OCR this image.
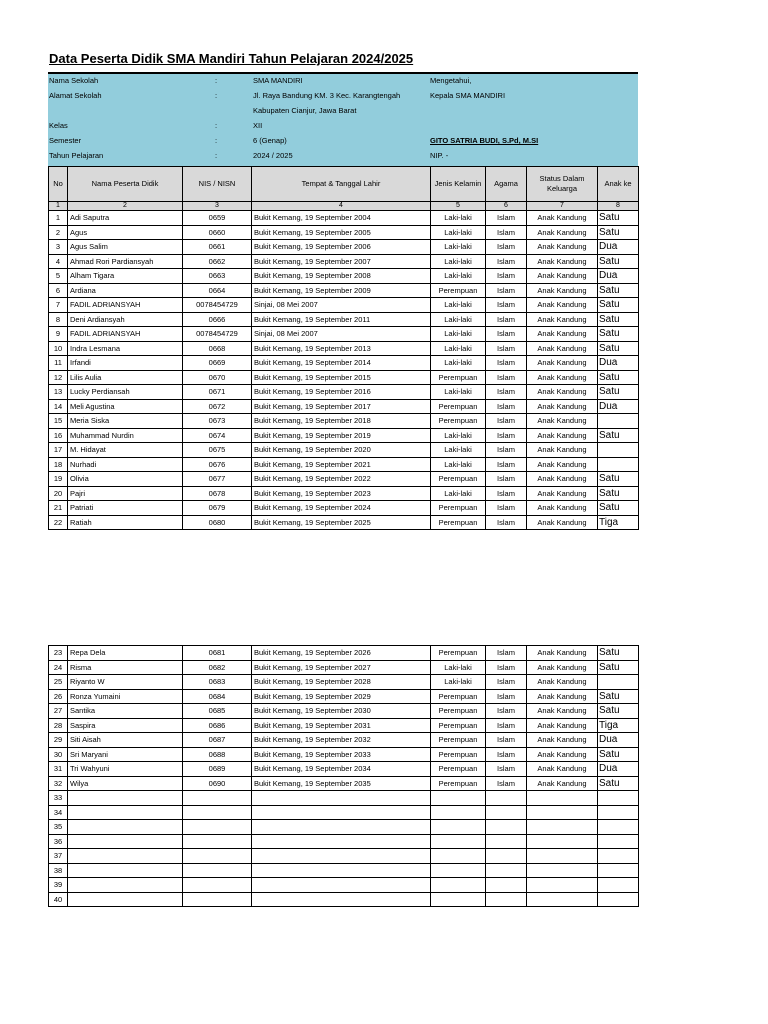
Data Peserta Didik SMA Mandiri Tahun Pelajaran 2024/2025
Nama Sekolah	:	SMA MANDIRI	Mengetahui,
Alamat Sekolah	:	Jl. Raya Bandung KM. 3 Kec. Karangtengah	Kepala SMA MANDIRI
Kabupaten Cianjur, Jawa Barat
Kelas	:	XII
Semester	:	6 (Genap)	GITO SATRIA BUDI, S.Pd, M.SI
Tahun Pelajaran	:	2024 / 2025	NIP. -
No	Nama Peserta Didik	NIS / NISN	Tempat & Tanggal Lahir	Jenis Kelamin	Agama	Status Dalam Keluarga	Anak ke
1	2	3	4	5	6	7	8
1	Adi Saputra	0659	Bukit Kemang, 19 September 2004	Laki-laki	Islam	Anak Kandung	Satu
2	Agus	0660	Bukit Kemang, 19 September 2005	Laki-laki	Islam	Anak Kandung	Satu
3	Agus Salim	0661	Bukit Kemang, 19 September 2006	Laki-laki	Islam	Anak Kandung	Dua
4	Ahmad Rori Pardiansyah	0662	Bukit Kemang, 19 September 2007	Laki-laki	Islam	Anak Kandung	Satu
5	Alham Tigara	0663	Bukit Kemang, 19 September 2008	Laki-laki	Islam	Anak Kandung	Dua
6	Ardiana	0664	Bukit Kemang, 19 September 2009	Perempuan	Islam	Anak Kandung	Satu
7	FADIL ADRIANSYAH	0078454729	Sinjai, 08 Mei 2007	Laki-laki	Islam	Anak Kandung	Satu
8	Deni Ardiansyah	0666	Bukit Kemang, 19 September 2011	Laki-laki	Islam	Anak Kandung	Satu
9	FADIL ADRIANSYAH	0078454729	Sinjai, 08 Mei 2007	Laki-laki	Islam	Anak Kandung	Satu
10	Indra Lesmana	0668	Bukit Kemang, 19 September 2013	Laki-laki	Islam	Anak Kandung	Satu
11	Irfandi	0669	Bukit Kemang, 19 September 2014	Laki-laki	Islam	Anak Kandung	Dua
12	Lilis Aulia	0670	Bukit Kemang, 19 September 2015	Perempuan	Islam	Anak Kandung	Satu
13	Lucky Perdiansah	0671	Bukit Kemang, 19 September 2016	Laki-laki	Islam	Anak Kandung	Satu
14	Meli Agustina	0672	Bukit Kemang, 19 September 2017	Perempuan	Islam	Anak Kandung	Dua
15	Meria Siska	0673	Bukit Kemang, 19 September 2018	Perempuan	Islam	Anak Kandung	
16	Muhammad Nurdin	0674	Bukit Kemang, 19 September 2019	Laki-laki	Islam	Anak Kandung	Satu
17	M. Hidayat	0675	Bukit Kemang, 19 September 2020	Laki-laki	Islam	Anak Kandung	
18	Nurhadi	0676	Bukit Kemang, 19 September 2021	Laki-laki	Islam	Anak Kandung	
19	Olivia	0677	Bukit Kemang, 19 September 2022	Perempuan	Islam	Anak Kandung	Satu
20	Pajri	0678	Bukit Kemang, 19 September 2023	Laki-laki	Islam	Anak Kandung	Satu
21	Patriati	0679	Bukit Kemang, 19 September 2024	Perempuan	Islam	Anak Kandung	Satu
22	Ratiah	0680	Bukit Kemang, 19 September 2025	Perempuan	Islam	Anak Kandung	Tiga
23	Repa Dela	0681	Bukit Kemang, 19 September 2026	Perempuan	Islam	Anak Kandung	Satu
24	Risma	0682	Bukit Kemang, 19 September 2027	Laki-laki	Islam	Anak Kandung	Satu
25	Riyanto W	0683	Bukit Kemang, 19 September 2028	Laki-laki	Islam	Anak Kandung	
26	Ronza Yumaini	0684	Bukit Kemang, 19 September 2029	Perempuan	Islam	Anak Kandung	Satu
27	Santika	0685	Bukit Kemang, 19 September 2030	Perempuan	Islam	Anak Kandung	Satu
28	Saspira	0686	Bukit Kemang, 19 September 2031	Perempuan	Islam	Anak Kandung	Tiga
29	Siti Aisah	0687	Bukit Kemang, 19 September 2032	Perempuan	Islam	Anak Kandung	Dua
30	Sri Maryani	0688	Bukit Kemang, 19 September 2033	Perempuan	Islam	Anak Kandung	Satu
31	Tri Wahyuni	0689	Bukit Kemang, 19 September 2034	Perempuan	Islam	Anak Kandung	Dua
32	Wilya	0690	Bukit Kemang, 19 September 2035	Perempuan	Islam	Anak Kandung	Satu
33							
34							
35							
36							
37							
38							
39							
40							
